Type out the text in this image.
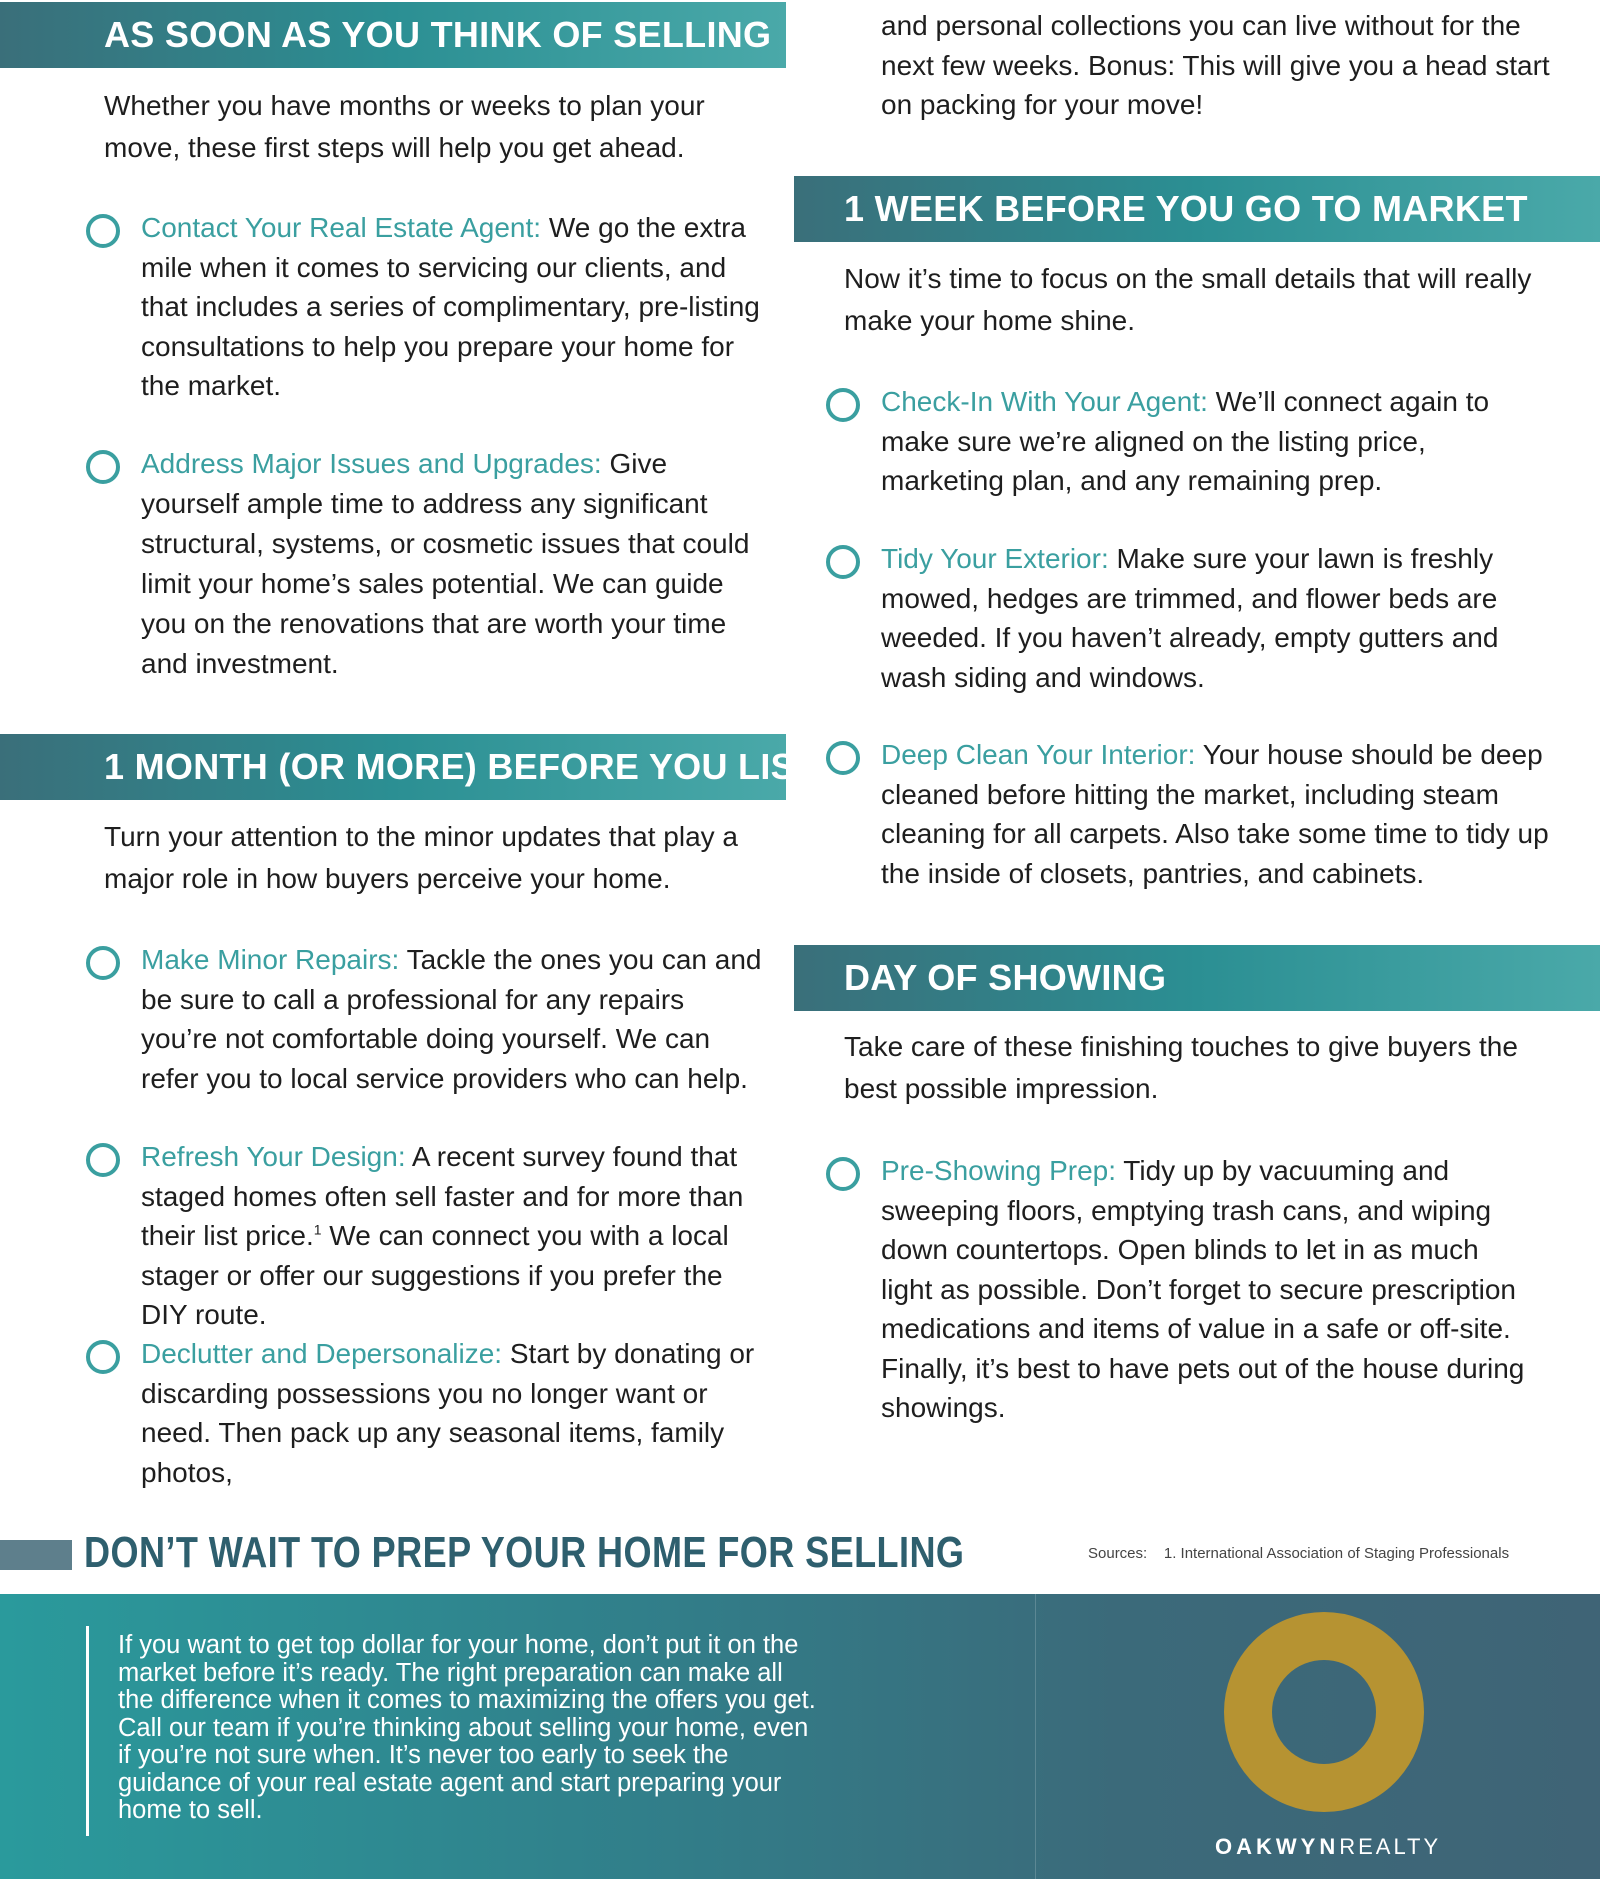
AS SOON AS YOU THINK OF SELLING
Whether you have months or weeks to plan your move, these first steps will help you get ahead.
Contact Your Real Estate Agent: We go the extra mile when it comes to servicing our clients, and that includes a series of complimentary, pre-listing consultations to help you prepare your home for the market.
Address Major Issues and Upgrades: Give yourself ample time to address any significant structural, systems, or cosmetic issues that could limit your home’s sales potential. We can guide you on the renovations that are worth your time and investment.
1 MONTH (OR MORE) BEFORE YOU LIST
Turn your attention to the minor updates that play a major role in how buyers perceive your home.
Make Minor Repairs: Tackle the ones you can and be sure to call a professional for any repairs you’re not comfortable doing yourself. We can refer you to local service providers who can help.
Refresh Your Design: A recent survey found that staged homes often sell faster and for more than their list price.$^1$ We can connect you with a local stager or offer our suggestions if you prefer the DIY route.
Declutter and Depersonalize: Start by donating or discarding possessions you no longer want or need. Then pack up any seasonal items, family photos,
and personal collections you can live without for the next few weeks. Bonus: This will give you a head start on packing for your move!
1 WEEK BEFORE YOU GO TO MARKET
Now it’s time to focus on the small details that will really make your home shine.
Check-In With Your Agent: We’ll connect again to make sure we’re aligned on the listing price, marketing plan, and any remaining prep.
Tidy Your Exterior: Make sure your lawn is freshly mowed, hedges are trimmed, and flower beds are weeded. If you haven’t already, empty gutters and wash siding and windows.
Deep Clean Your Interior: Your house should be deep cleaned before hitting the market, including steam cleaning for all carpets. Also take some time to tidy up the inside of closets, pantries, and cabinets.
DAY OF SHOWING
Take care of these finishing touches to give buyers the best possible impression.
Pre-Showing Prep: Tidy up by vacuuming and sweeping floors, emptying trash cans, and wiping down countertops. Open blinds to let in as much light as possible. Don’t forget to secure prescription medications and items of value in a safe or off-site. Finally, it’s best to have pets out of the house during showings.
DON’T WAIT TO PREP YOUR HOME FOR SELLING	Sources:    1. International Association of Staging Professionals
If you want to get top dollar for your home, don’t put it on the market before it’s ready. The right preparation can make all the difference when it comes to maximizing the offers you get. Call our team if you’re thinking about selling your home, even if you’re not sure when. It’s never too early to seek the guidance of your real estate agent and start preparing your home to sell.
OAKWYNREALTY
